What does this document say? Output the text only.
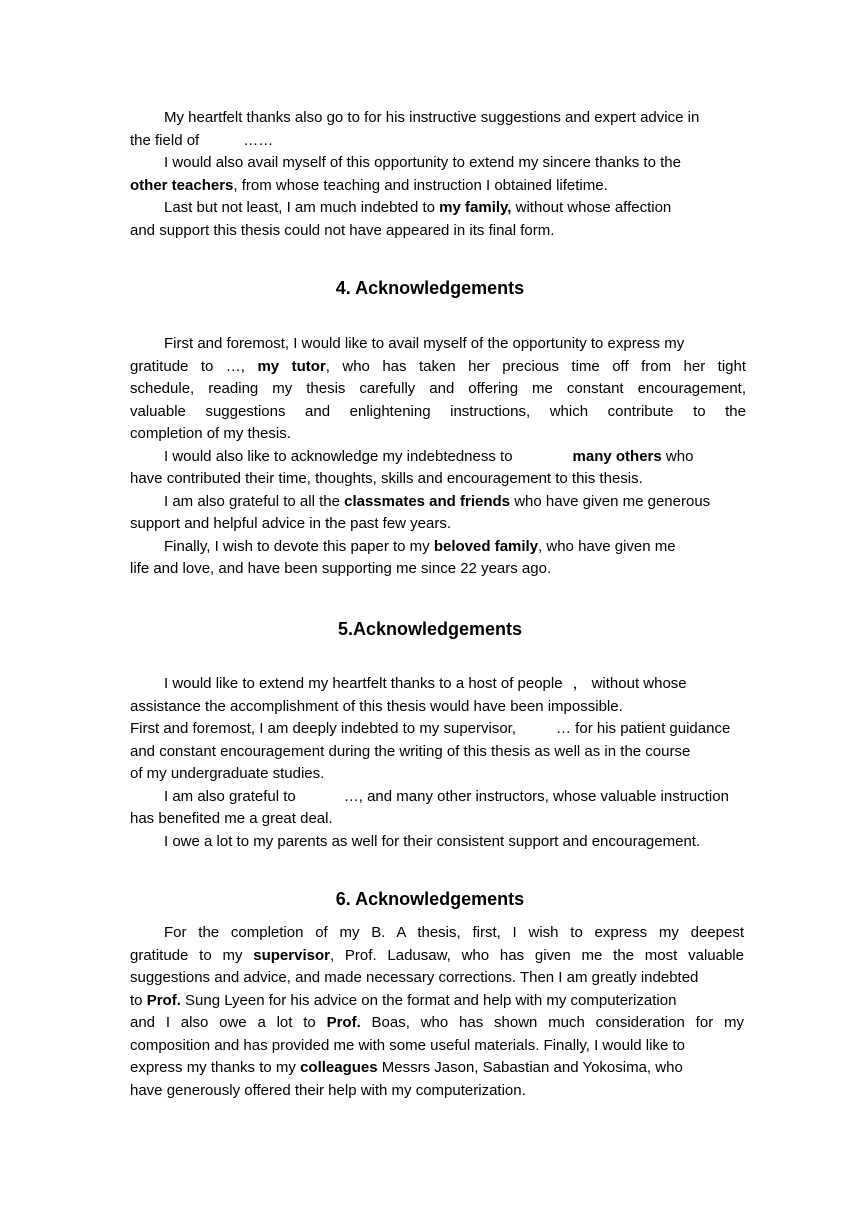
My heartfelt thanks also go to for his instructive suggestions and expert advice in
the field of	……
I would also avail myself of this opportunity to extend my sincere thanks to the
other teachers, from whose teaching and instruction I obtained lifetime.
Last but not least, I am much indebted to my family, without whose affection
and support this thesis could not have appeared in its final form.
4. Acknowledgements
First and foremost, I would like to avail myself of the opportunity to express my
gratitude to …, my tutor, who has taken her precious time off from her tight
schedule, reading my thesis carefully and offering me constant encouragement,
valuable suggestions and enlightening instructions, which contribute to the
completion of my thesis.
I would also like to acknowledge my indebtedness to	many others who
have contributed their time, thoughts, skills and encouragement to this thesis.
I am also grateful to all the classmates and friends who have given me generous
support and helpful advice in the past few years.
Finally, I wish to devote this paper to my beloved family, who have given me
life and love, and have been supporting me since 22 years ago.
5.Acknowledgements
I would like to extend my heartfelt thanks to a host of people ， without whose
assistance the accomplishment of this thesis would have been impossible.
First and foremost, I am deeply indebted to my supervisor,	… for his patient guidance
and constant encouragement during the writing of this thesis as well as in the course
of my undergraduate studies.
I am also grateful to	…, and many other instructors, whose valuable instruction
has benefited me a great deal.
I owe a lot to my parents as well for their consistent support and encouragement.
6. Acknowledgements
For the completion of my B. A thesis, first, I wish to express my deepest
gratitude to my supervisor, Prof. Ladusaw, who has given me the most valuable
suggestions and advice, and made necessary corrections. Then I am greatly indebted
to Prof. Sung Lyeen for his advice on the format and help with my computerization
and I also owe a lot to Prof. Boas, who has shown much consideration for my
composition and has provided me with some useful materials. Finally, I would like to
express my thanks to my colleagues Messrs Jason, Sabastian and Yokosima, who
have generously offered their help with my computerization.
